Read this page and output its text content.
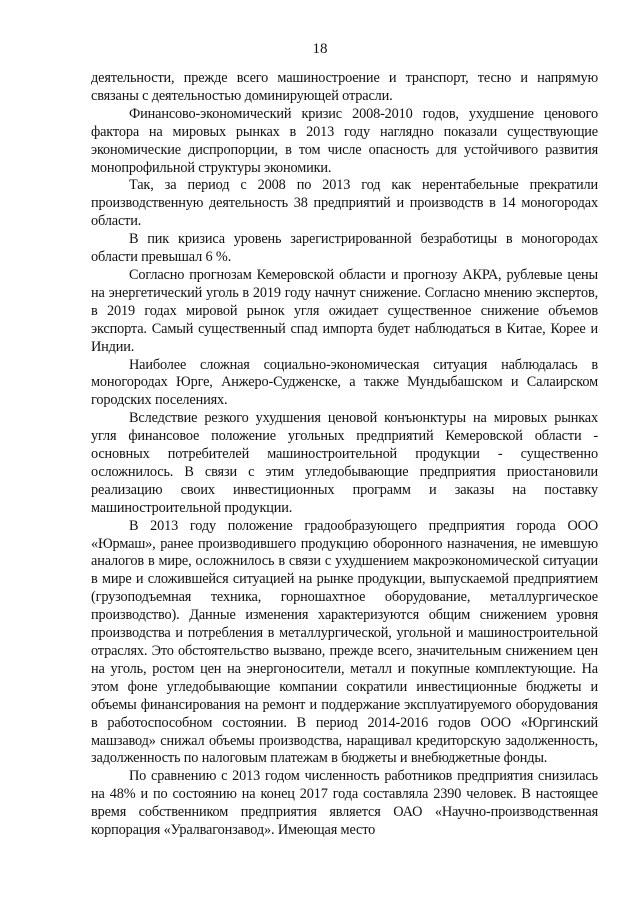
18

деятельности, прежде всего машиностроение и транспорт, тесно и напрямую связаны с деятельностью доминирующей отрасли.

Финансово-экономический кризис 2008-2010 годов, ухудшение ценового фактора на мировых рынках в 2013 году наглядно показали существующие экономические диспропорции, в том числе опасность для устойчивого развития монопрофильной структуры экономики.

Так, за период с 2008 по 2013 год как нерентабельные прекратили производственную деятельность 38 предприятий и производств в 14 моногородах области.

В пик кризиса уровень зарегистрированной безработицы в моногородах области превышал 6 %.

Согласно прогнозам Кемеровской области и прогнозу АКРА, рублевые цены на энергетический уголь в 2019 году начнут снижение. Согласно мнению экспертов, в 2019 годах мировой рынок угля ожидает существенное снижение объемов экспорта. Самый существенный спад импорта будет наблюдаться в Китае, Корее и Индии.

Наиболее сложная социально-экономическая ситуация наблюдалась в моногородах Юрге, Анжеро-Судженске, а также Мундыбашском и Салаирском городских поселениях.

Вследствие резкого ухудшения ценовой конъюнктуры на мировых рынках угля финансовое положение угольных предприятий Кемеровской области - основных потребителей машиностроительной продукции - существенно осложнилось. В связи с этим угледобывающие предприятия приостановили реализацию своих инвестиционных программ и заказы на поставку машиностроительной продукции.

В 2013 году положение градообразующего предприятия города ООО «Юрмаш», ранее производившего продукцию оборонного назначения, не имевшую аналогов в мире, осложнилось в связи с ухудшением макроэкономической ситуации в мире и сложившейся ситуацией на рынке продукции, выпускаемой предприятием (грузоподъемная техника, горношахтное оборудование, металлургическое производство). Данные изменения характеризуются общим снижением уровня производства и потребления в металлургической, угольной и машиностроительной отраслях. Это обстоятельство вызвано, прежде всего, значительным снижением цен на уголь, ростом цен на энергоносители, металл и покупные комплектующие. На этом фоне угледобывающие компании сократили инвестиционные бюджеты и объемы финансирования на ремонт и поддержание эксплуатируемого оборудования в работоспособном состоянии. В период 2014-2016 годов ООО «Юргинский машзавод» снижал объемы производства, наращивал кредиторскую задолженность, задолженность по налоговым платежам в бюджеты и внебюджетные фонды.

По сравнению с 2013 годом численность работников предприятия снизилась на 48% и по состоянию на конец 2017 года составляла 2390 человек. В настоящее время собственником предприятия является ОАО «Научно-производственная корпорация «Уралвагонзавод». Имеющая место
